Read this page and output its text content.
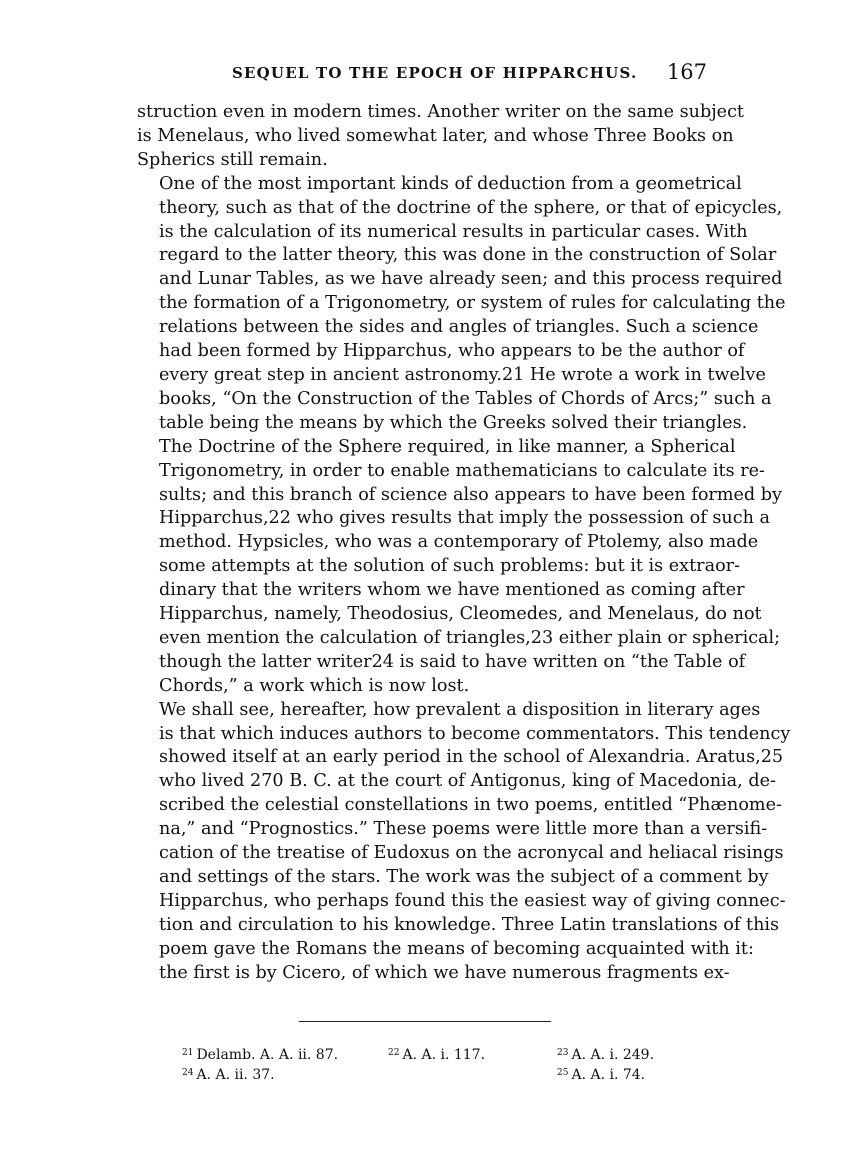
SEQUEL TO THE EPOCH OF HIPPARCHUS. 167

struction even in modern times. Another writer on the same subject
is Menelaus, who lived somewhat later, and whose Three Books on
Spherics still remain.

One of the most important kinds of deduction from a geometrical
theory, such as that of the doctrine of the sphere, or that of epicycles,
is the calculation of its numerical results in particular cases. With
regard to the latter theory, this was done in the construction of Solar
and Lunar Tables, as we have already seen; and this process required
the formation of a Trigonometry, or system of rules for calculating the
relations between the sides and angles of triangles. Such a science
had been formed by Hipparchus, who appears to be the author of
every great step in ancient astronomy.21 He wrote a work in twelve
books, “On the Construction of the Tables of Chords of Arcs;” such a
table being the means by which the Greeks solved their triangles.
The Doctrine of the Sphere required, in like manner, a Spherical
Trigonometry, in order to enable mathematicians to calculate its re-
sults; and this branch of science also appears to have been formed by
Hipparchus,22 who gives results that imply the possession of such a
method. Hypsicles, who was a contemporary of Ptolemy, also made
some attempts at the solution of such problems: but it is extraor-
dinary that the writers whom we have mentioned as coming after
Hipparchus, namely, Theodosius, Cleomedes, and Menelaus, do not
even mention the calculation of triangles,23 either plain or spherical;
though the latter writer24 is said to have written on “the Table of
Chords,” a work which is now lost.

We shall see, hereafter, how prevalent a disposition in literary ages
is that which induces authors to become commentators. This tendency
showed itself at an early period in the school of Alexandria. Aratus,25
who lived 270 B. C. at the court of Antigonus, king of Macedonia, de-
scribed the celestial constellations in two poems, entitled “Phænome-
na,” and “Prognostics.” These poems were little more than a versifi-
cation of the treatise of Eudoxus on the acronycal and heliacal risings
and settings of the stars. The work was the subject of a comment by
Hipparchus, who perhaps found this the easiest way of giving connec-
tion and circulation to his knowledge. Three Latin translations of this
poem gave the Romans the means of becoming acquainted with it:
the first is by Cicero, of which we have numerous fragments ex-

$^{21}$ Delamb. A. A. ii. 87.	$^{22}$ A. A. i. 117.	$^{23}$ A. A. i. 249.
$^{24}$ A. A. ii. 37.	$^{25}$ A. A. i. 74.
